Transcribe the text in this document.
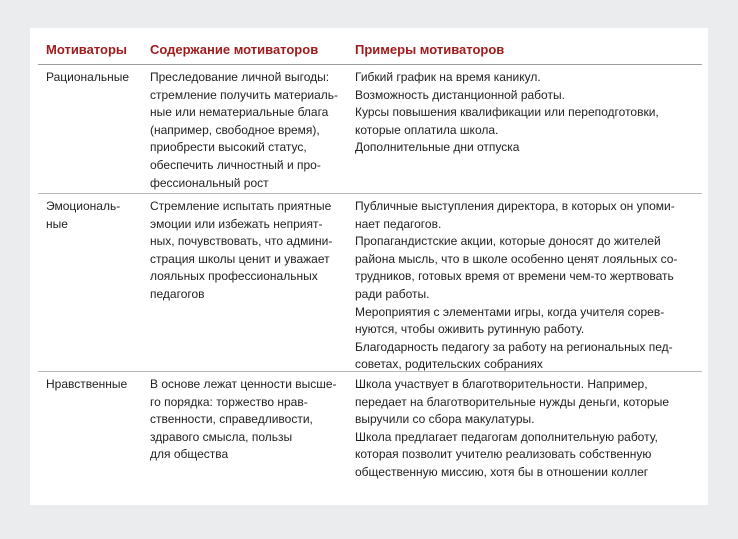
Мотиваторы Содержание мотиваторов	Примеры мотиваторов
Рациональные Преследование личной выгоды:
стремление получить материаль-
ные или нематериальные блага
(например, свободное время),
приобрести высокий статус,
обеспечить личностный и про-
фессиональный рост
Гибкий график на время каникул.
Возможность дистанционной работы.
Курсы повышения квалификации или переподготовки,
которые оплатила школа.
Дополнительные дни отпуска
Эмоциональ-
ные
Стремление испытать приятные
эмоции или избежать неприят-
ных, почувствовать, что админи-
страция школы ценит и уважает
лояльных профессиональных
педагогов
Публичные выступления директора, в которых он упоми-
нает педагогов.
Пропагандистские акции, которые доносят до жителей
района мысль, что в школе особенно ценят лояльных со-
трудников, готовых время от времени чем-то жертвовать
ради работы.
Мероприятия с элементами игры, когда учителя сорев-
нуются, чтобы оживить рутинную работу.
Благодарность педагогу за работу на региональных пед-
советах, родительских собраниях
Нравственные В основе лежат ценности высше-
го порядка: торжество нрав-
ственности, справедливости,
здравого смысла, пользы
для общества
Школа участвует в благотворительности. Например,
передает на благотворительные нужды деньги, которые
выручили со сбора макулатуры.
Школа предлагает педагогам дополнительную работу,
которая позволит учителю реализовать собственную
общественную миссию, хотя бы в отношении коллег
